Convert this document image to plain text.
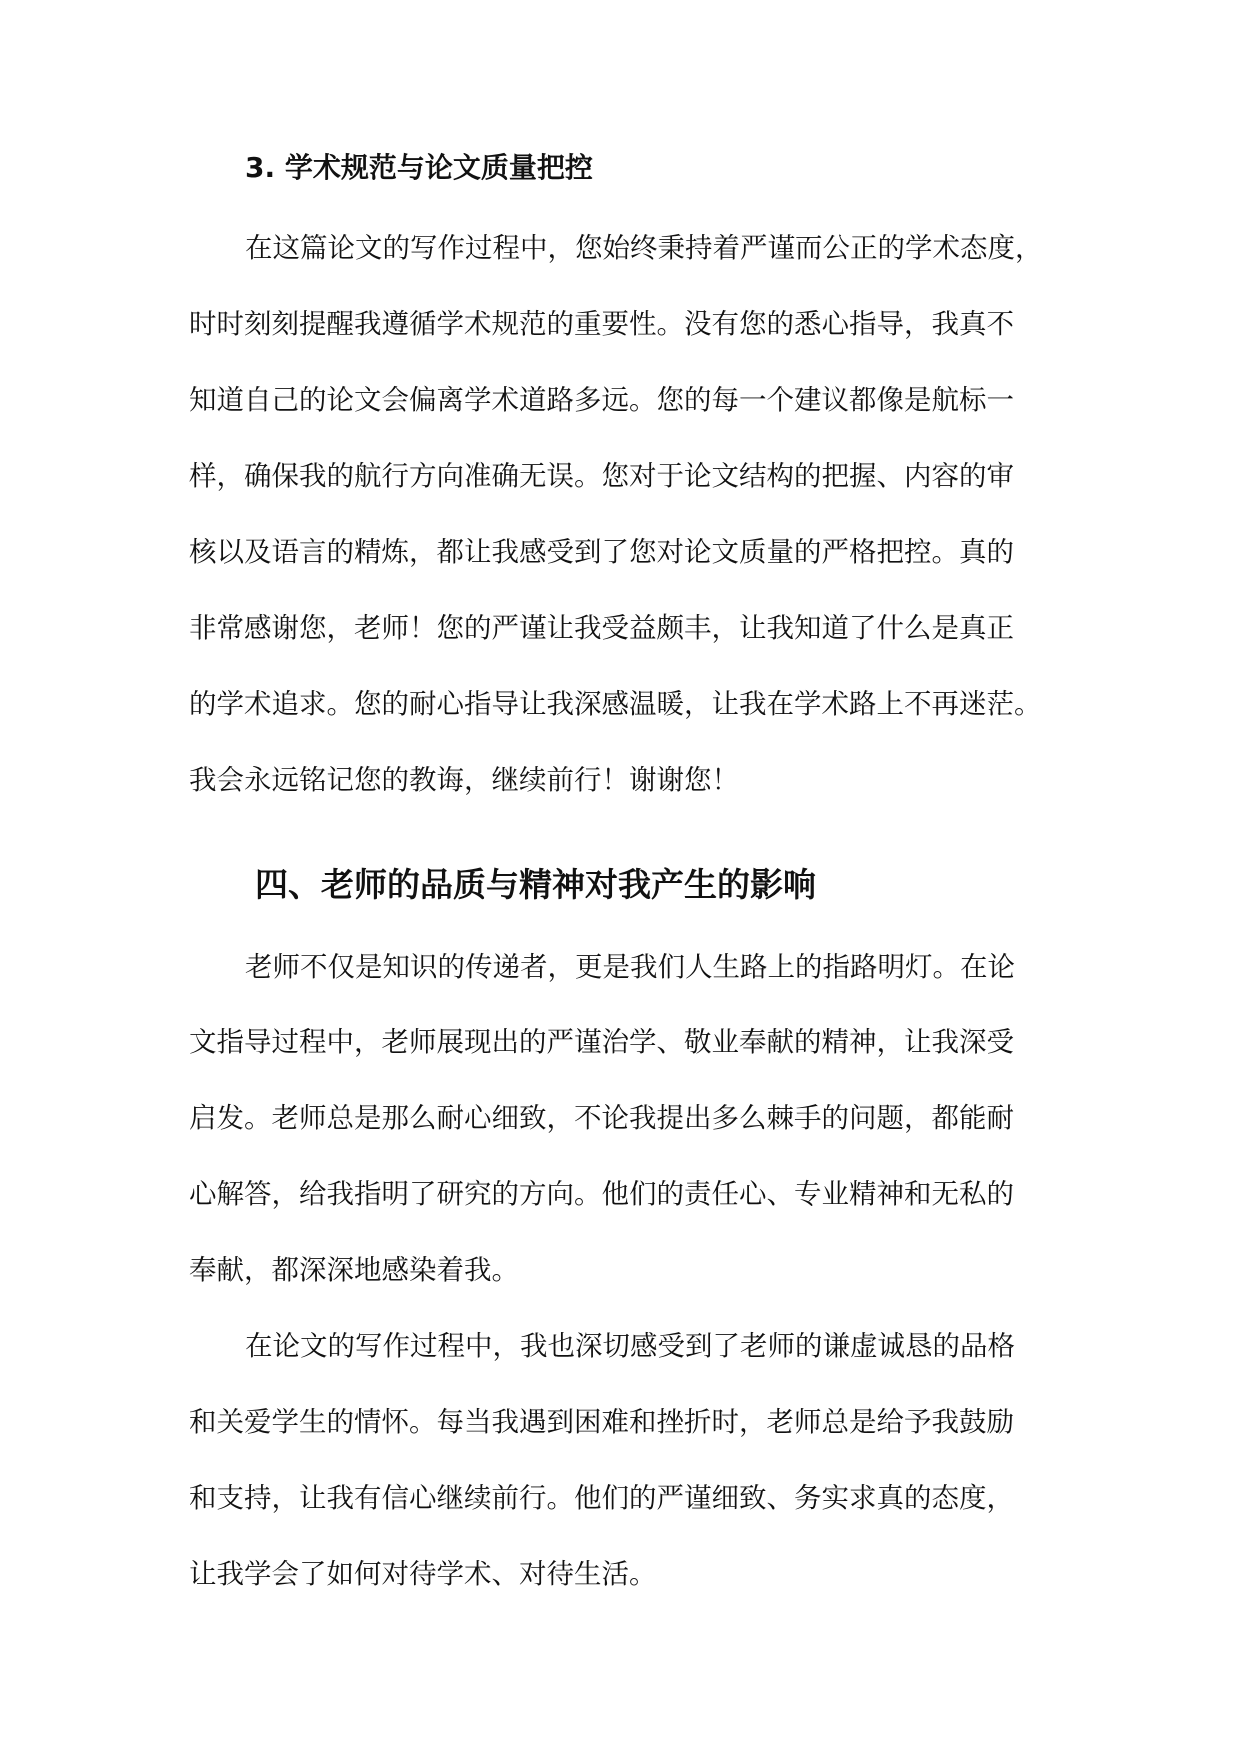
3. 学术规范与论文质量把控
在这篇论文的写作过程中，您始终秉持着严谨而公正的学术态度，
时时刻刻提醒我遵循学术规范的重要性。没有您的悉心指导，我真不
知道自己的论文会偏离学术道路多远。您的每一个建议都像是航标一
样，确保我的航行方向准确无误。您对于论文结构的把握、内容的审
核以及语言的精炼，都让我感受到了您对论文质量的严格把控。真的
非常感谢您，老师！您的严谨让我受益颇丰，让我知道了什么是真正
的学术追求。您的耐心指导让我深感温暖，让我在学术路上不再迷茫。
我会永远铭记您的教诲，继续前行！谢谢您！
四、老师的品质与精神对我产生的影响
老师不仅是知识的传递者，更是我们人生路上的指路明灯。在论
文指导过程中，老师展现出的严谨治学、敬业奉献的精神，让我深受
启发。老师总是那么耐心细致，不论我提出多么棘手的问题，都能耐
心解答，给我指明了研究的方向。他们的责任心、专业精神和无私的
奉献，都深深地感染着我。
在论文的写作过程中，我也深切感受到了老师的谦虚诚恳的品格
和关爱学生的情怀。每当我遇到困难和挫折时，老师总是给予我鼓励
和支持，让我有信心继续前行。他们的严谨细致、务实求真的态度，
让我学会了如何对待学术、对待生活。
